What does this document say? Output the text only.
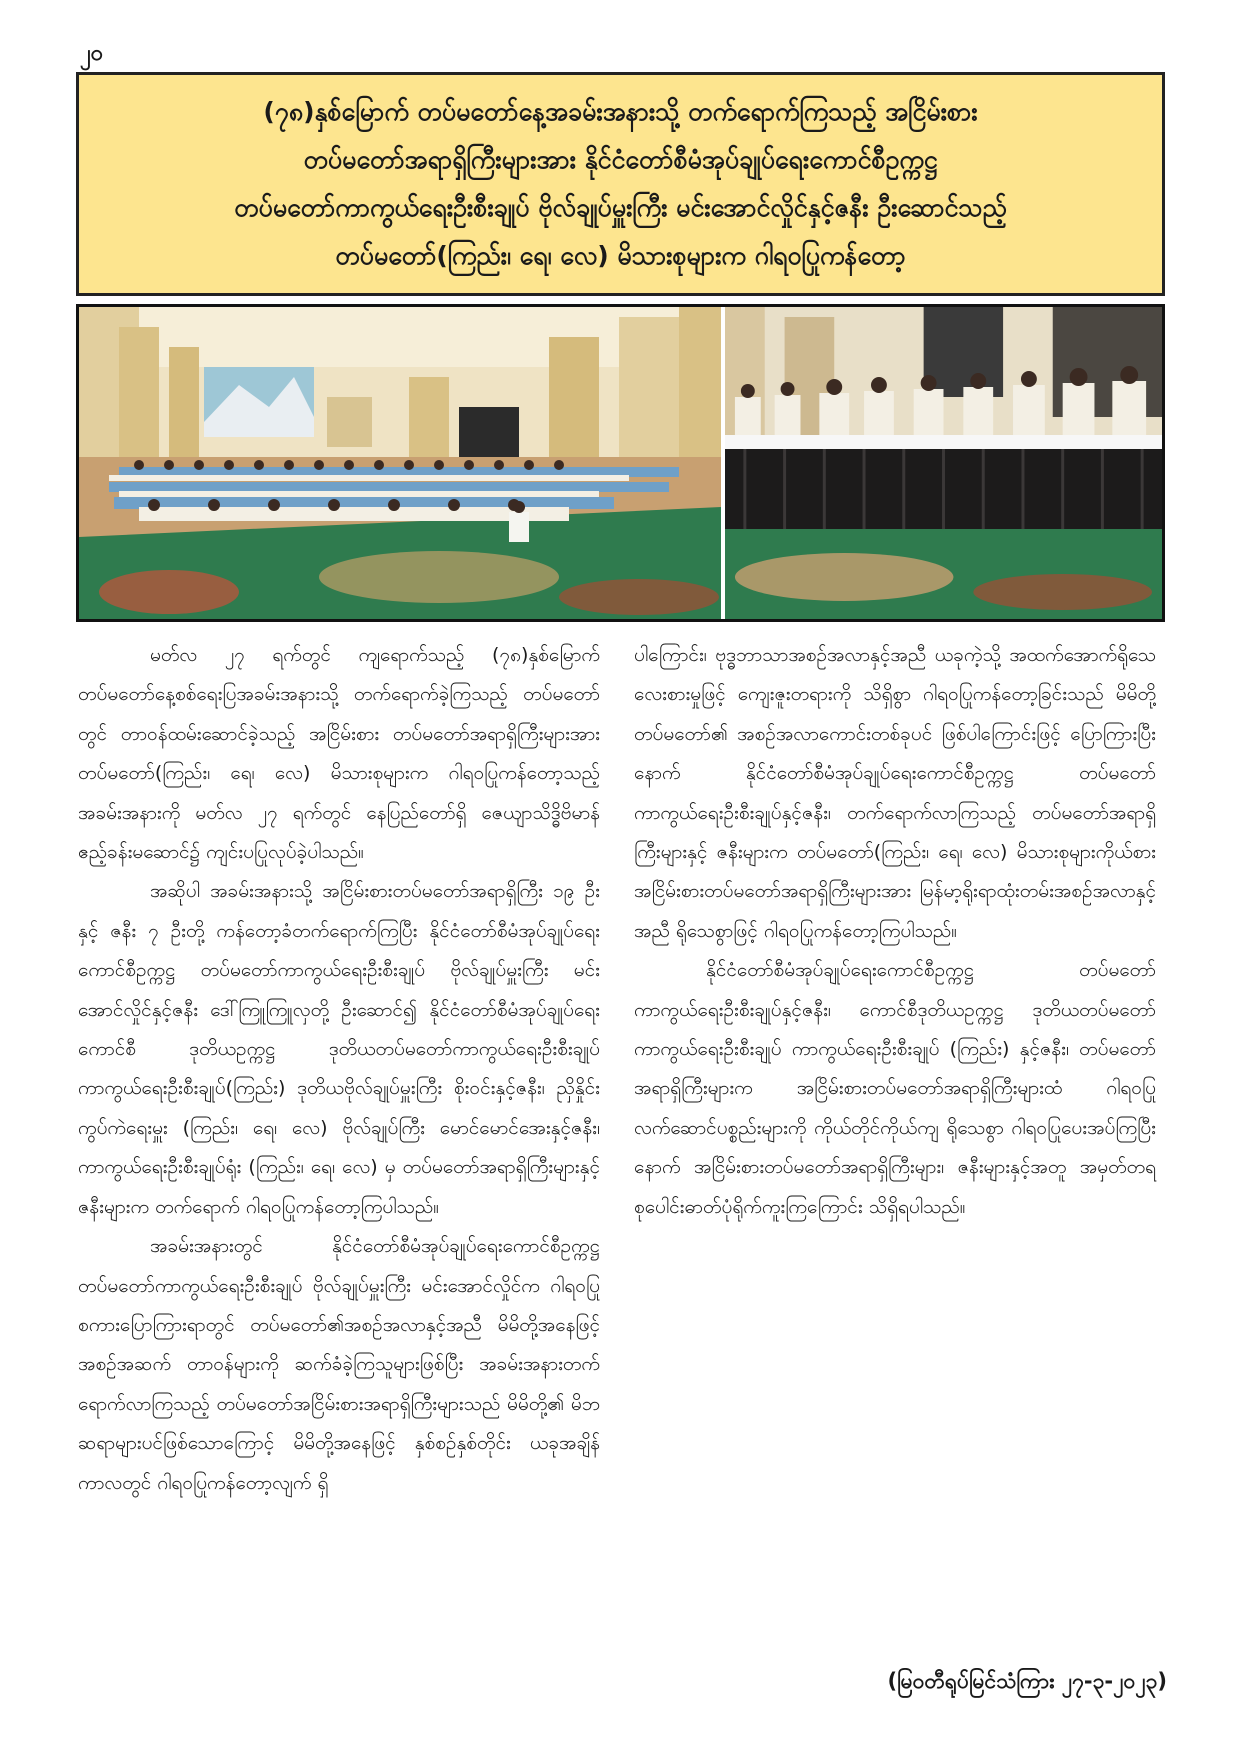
၂၀
(၇၈)နှစ်မြောက် တပ်မတော်နေ့အခမ်းအနားသို့ တက်ရောက်ကြသည့် အငြိမ်းစား
တပ်မတော်အရာရှိကြီးများအား နိုင်ငံတော်စီမံအုပ်ချုပ်ရေးကောင်စီဥက္ကဋ္ဌ
တပ်မတော်ကာကွယ်ရေးဦးစီးချုပ် ဗိုလ်ချုပ်မှူးကြီး မင်းအောင်လှိုင်နှင့်ဇနီး ဦးဆောင်သည့်
တပ်မတော်(ကြည်း၊ ရေ၊ လေ) မိသားစုများက ဂါရဝပြုကန်တော့

မတ်လ ၂၇ ရက်တွင် ကျရောက်သည့် (၇၈)နှစ်မြောက် တပ်မတော်နေ့စစ်ရေးပြအခမ်းအနားသို့ တက်ရောက်ခဲ့ကြသည့် တပ်မတော်တွင် တာဝန်ထမ်းဆောင်ခဲ့သည့် အငြိမ်းစား တပ်မတော်အရာရှိကြီးများအား တပ်မတော်(ကြည်း၊ ရေ၊ လေ) မိသားစုများက ဂါရဝပြုကန်တော့သည့် အခမ်းအနားကို မတ်လ ၂၇ ရက်တွင် နေပြည်တော်ရှိ ဇေယျာသိဒ္ဓိဗိမာန် ဧည့်ခန်းမဆောင်၌ ကျင်းပပြုလုပ်ခဲ့ပါသည်။

အဆိုပါ အခမ်းအနားသို့ အငြိမ်းစားတပ်မတော်အရာရှိကြီး ၁၉ ဦးနှင့် ဇနီး ၇ ဦးတို့ ကန်တော့ခံတက်ရောက်ကြပြီး နိုင်ငံတော်စီမံအုပ်ချုပ်ရေးကောင်စီဥက္ကဋ္ဌ တပ်မတော်ကာကွယ်ရေးဦးစီးချုပ် ဗိုလ်ချုပ်မှူးကြီး မင်းအောင်လှိုင်နှင့်ဇနီး ဒေါ်ကြူကြူလှတို့ ဦးဆောင်၍ နိုင်ငံတော်စီမံအုပ်ချုပ်ရေးကောင်စီ ဒုတိယဥက္ကဋ္ဌ ဒုတိယတပ်မတော်ကာကွယ်ရေးဦးစီးချုပ် ကာကွယ်ရေးဦးစီးချုပ်(ကြည်း) ဒုတိယဗိုလ်ချုပ်မှူးကြီး စိုးဝင်းနှင့်ဇနီး၊ ညှိနှိုင်းကွပ်ကဲရေးမှူး (ကြည်း၊ ရေ၊ လေ) ဗိုလ်ချုပ်ကြီး မောင်မောင်အေးနှင့်ဇနီး၊ ကာကွယ်ရေးဦးစီးချုပ်ရုံး (ကြည်း၊ ရေ၊ လေ) မှ တပ်မတော်အရာရှိကြီးများနှင့် ဇနီးများက တက်ရောက် ဂါရဝပြုကန်တော့ကြပါသည်။

အခမ်းအနားတွင် နိုင်ငံတော်စီမံအုပ်ချုပ်ရေးကောင်စီဥက္ကဋ္ဌ တပ်မတော်ကာကွယ်ရေးဦးစီးချုပ် ဗိုလ်ချုပ်မှူးကြီး မင်းအောင်လှိုင်က ဂါရဝပြုစကားပြောကြားရာတွင် တပ်မတော်၏အစဉ်အလာနှင့်အညီ မိမိတို့အနေဖြင့်အစဉ်အဆက် တာဝန်များကို ဆက်ခံခဲ့ကြသူများဖြစ်ပြီး အခမ်းအနားတက်ရောက်လာကြသည့် တပ်မတော်အငြိမ်းစားအရာရှိကြီးများသည် မိမိတို့၏ မိဘဆရာများပင်ဖြစ်သောကြောင့် မိမိတို့အနေဖြင့် နှစ်စဉ်နှစ်တိုင်း ယခုအချိန်ကာလတွင် ဂါရဝပြုကန်တော့လျက် ရှိ

ပါကြောင်း၊ ဗုဒ္ဓဘာသာအစဉ်အလာနှင့်အညီ ယခုကဲ့သို့ အထက်အောက်ရိုသေလေးစားမှုဖြင့် ကျေးဇူးတရားကို သိရှိစွာ ဂါရဝပြုကန်တော့ခြင်းသည် မိမိတို့တပ်မတော်၏ အစဉ်အလာကောင်းတစ်ခုပင် ဖြစ်ပါကြောင်းဖြင့် ပြောကြားပြီးနောက် နိုင်ငံတော်စီမံအုပ်ချုပ်ရေးကောင်စီဥက္ကဋ္ဌ တပ်မတော်ကာကွယ်ရေးဦးစီးချုပ်နှင့်ဇနီး၊ တက်ရောက်လာကြသည့် တပ်မတော်အရာရှိကြီးများနှင့် ဇနီးများက တပ်မတော်(ကြည်း၊ ရေ၊ လေ) မိသားစုများကိုယ်စား အငြိမ်းစားတပ်မတော်အရာရှိကြီးများအား မြန်မာ့ရိုးရာထုံးတမ်းအစဉ်အလာနှင့်အညီ ရိုသေစွာဖြင့် ဂါရဝပြုကန်တော့ကြပါသည်။

နိုင်ငံတော်စီမံအုပ်ချုပ်ရေးကောင်စီဥက္ကဋ္ဌ တပ်မတော်ကာကွယ်ရေးဦးစီးချုပ်နှင့်ဇနီး၊ ကောင်စီဒုတိယဥက္ကဋ္ဌ ဒုတိယတပ်မတော်ကာကွယ်ရေးဦးစီးချုပ် ကာကွယ်ရေးဦးစီးချုပ် (ကြည်း) နှင့်ဇနီး၊ တပ်မတော်အရာရှိကြီးများက အငြိမ်းစားတပ်မတော်အရာရှိကြီးများထံ ဂါရဝပြုလက်ဆောင်ပစ္စည်းများကို ကိုယ်တိုင်ကိုယ်ကျ ရိုသေစွာ ဂါရဝပြုပေးအပ်ကြပြီးနောက် အငြိမ်းစားတပ်မတော်အရာရှိကြီးများ၊ ဇနီးများနှင့်အတူ အမှတ်တရ စုပေါင်းဓာတ်ပုံရိုက်ကူးကြကြောင်း သိရှိရပါသည်။

(မြဝတီရုပ်မြင်သံကြား ၂၇-၃-၂၀၂၃)
